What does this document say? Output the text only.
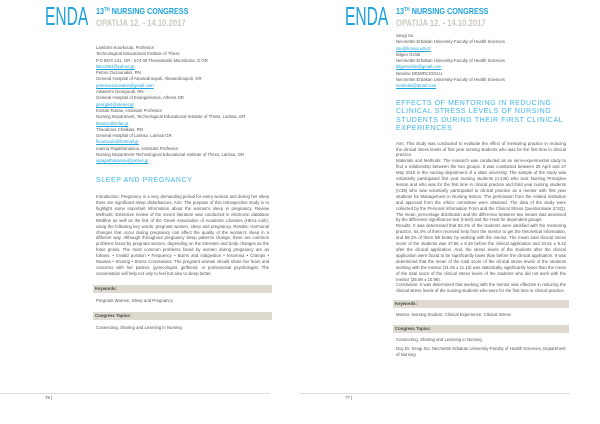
ENDA 13TH NURSING CONGRESS
OPATIJA 12. - 14.10.2017
Lambrini Kourkouta, Professor
Technological Educational Institute of Thess
P.O BOX 141, GR - 574 00 Thessaloniki Macedonia, G GR
laku1964@yahoo.gr
Petros Ouzounakis, RN
General Hospital of Alexandroupoli, Alexandroupoli, GR
petrosouzounakis@gmail.com
Aikaterini Georgoudi, RN
General Hospital of Evangelismos, Athens GR
georgki4@otenet.gr
Kostas Tsaras, Assistant Professor
Nursing Department, Technological Educational Institute of Thess, Larissa, GR
ktsaras@teilar.gr
Theodoros Chalkias, RN
General Hospital of Larissa, Larissa GR
fkoutsoula@hotmail.gr
Ioanna Papathanasiou, Assistant Professor
Nursing Department Technological Educational Institute of Thess, Larissa, GR
iopapathanasiou@yahoo.gr
SLEEP AND PREGNANCY
Introduction: Pregnancy is a very demanding period for every woman and during her sleep there are significant sleep disturbances. Aim: The purpose of this retrospective study is to highlight some important information about the woman's sleep in pregnancy. Review Methods: Extensive review of the recent literature was conducted in electronic database Medline as well as the link of the Greek Association of Academic Libraries (HEAL-Link), using the following key words: pregnant women, sleep and pregnancy. Results: Hormonal changes that occur during pregnancy can affect the quality of the woman's sleep in a different way. Although throughout pregnancy sleep patterns change, there are common problems faced by pregnant women, depending on the trimester and body changes as the fetus grows. The most common problems faced by women during pregnancy are as follows: • Invalid position • Frequency • Burns and indigestion • Insomnia • Cramps • Nausea • Snoring • Stress Conclusions: The pregnant woman should share her fears and concerns with her partner, gynecologist, girlfriend, or professional psychologist. The conversation will help not only to feel but also to sleep better.
Keywords:
Pregnant Women, Sleep and Pregnancy
Congress Topics:
Connecting, Sharing and Learning in Nursing
76 |
ENDA 13TH NURSING CONGRESS
OPATIJA 12. - 14.10.2017
Sevgi Su
Necmettin Erbakan University-Faculty of Health Sciences
ssu@konya.edu.tr
Bilgen Özlük
Necmettin Erbakan University-Faculty of Health Sciences
bilgenozluk@gmail.com
Nesrine DEMIRCIOGLU
Necmettin Erbakan University-Faculty of Health Sciences
nesrinds@ttmail.com
EFFECTS OF MENTORING IN REDUCING CLINICAL STRESS LEVELS OF NURSING STUDENTS DURING THEIR FIRST CLINICAL EXPERIENCES
Aim: This study was conducted to evaluate the effect of mentoring practice in reducing the clinical stress levels of first year nursing students who was for the first time in clinical practice.
Materials and Methods: The research was conducted as an semi-experimental study to find a relationship between the two groups. It was conducted between 25 April and 27 May 2016 in the nursing department of a state university. The sample of the study was voluntarily participated first year nursing students (n:136) who took Nursing Principles lesson and who was for the first time in clinical practice and third year nursing students (n:39) who was voluntarily participated to clinical practice as a mentor with first year students for Management in Nursing lesson. The permission from the related institution and approval from the ethics committee were obtained. The data of the study were collected by the Personal Information Form and the Clinical Stress Questionnaire (CSQ). The mean, percentage distribution and the difference between two means was assessed by the difference significance test (t-test) and the t-test for dependent groups.
Results: It was determined that 83.1% of the students were satisfied with the mentoring practice, 64.4% of them received help from the mentor to get the theoretical information, and 59.3% of them felt better by working with the mentor. The mean total clinical stress score of the students was 37.86 ± 8.49 before the clinical application and 34.61 ± 9.42 after the clinical application. And, the stress levels of the students after the clinical application were found to be significantly lower than before the clinical application. It was determined that the mean of the total score of the clinical stress levels of the students working with the mentor (31.06 ± 11.18) was statistically significantly lower than the mean of the total score of the clinical stress levels of the students who did not work with the mentor (35.98 ± 10.98).
Conclusion: It was determined that working with the mentor was effective in reducing the clinical stress levels of the nursing students who were for the first time in clinical practice.
Keywords:
Mentor, Nursing Student, Clinical Experience, Clinical Stress
Congress Topics:
Connecting, Sharing and Learning in Nursing
Doç.Dr. Sevgi SU, Necmettin Erbakan University-Faculty of Health Sciences, Department of Nursing
77 |
